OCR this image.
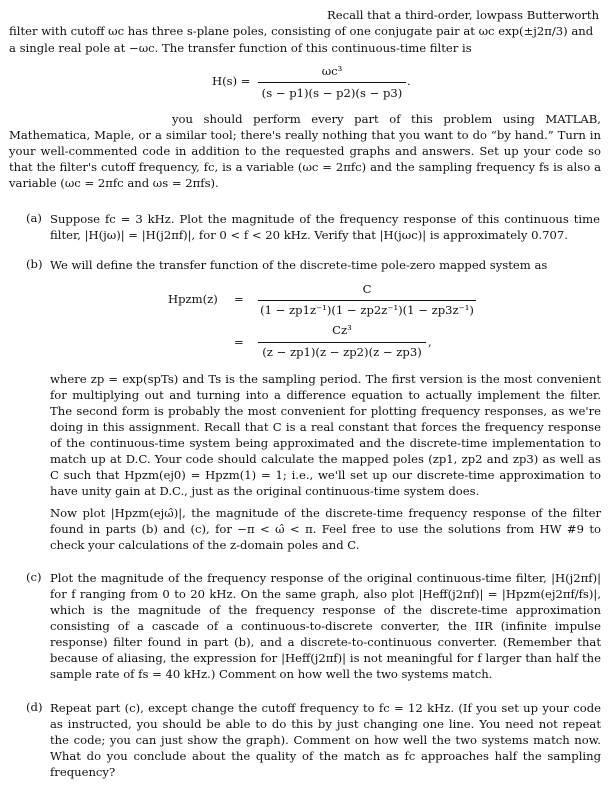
Recall that a third-order, lowpass Butterworth
filter with cutoff ωc has three s-plane poles, consisting of one conjugate pair at ωc exp(±j2π/3) and
a single real pole at −ωc. The transfer function of this continuous-time filter is
H(s) =
ωc³
(s − p1)(s − p2)(s − p3)
.
you should perform every part of this problem using MATLAB, Mathematica, Maple, or a similar tool; there's really nothing that you want to do “by hand.” Turn in your well-commented code in addition to the requested graphs and answers. Set up your code so that the filter's cutoff frequency, fc, is a variable (ωc = 2πfc) and the sampling frequency fs is also a variable (ωc = 2πfc and ωs = 2πfs).
(a) Suppose fc = 3 kHz. Plot the magnitude of the frequency response of this continuous time filter, |H(jω)| = |H(j2πf)|, for 0 < f < 20 kHz. Verify that |H(jωc)| is approximately 0.707.
(b) We will define the transfer function of the discrete-time pole-zero mapped system as
Hpzm(z) =
C
(1 − zp1z⁻¹)(1 − zp2z⁻¹)(1 − zp3z⁻¹)
=
Cz³
(z − zp1)(z − zp2)(z − zp3)
,
where zp = exp(spTs) and Ts is the sampling period. The first version is the most convenient for multiplying out and turning into a difference equation to actually implement the filter. The second form is probably the most convenient for plotting frequency responses, as we're doing in this assignment. Recall that C is a real constant that forces the frequency response of the continuous-time system being approximated and the discrete-time implementation to match up at D.C. Your code should calculate the mapped poles (zp1, zp2 and zp3) as well as C such that Hpzm(ej0) = Hpzm(1) = 1; i.e., we'll set up our discrete-time approximation to have unity gain at D.C., just as the original continuous-time system does.
Now plot |Hpzm(ejω̂)|, the magnitude of the discrete-time frequency response of the filter found in parts (b) and (c), for −π < ω̂ < π. Feel free to use the solutions from HW #9 to check your calculations of the z-domain poles and C.
(c) Plot the magnitude of the frequency response of the original continuous-time filter, |H(j2πf)| for f ranging from 0 to 20 kHz. On the same graph, also plot |Heff(j2πf)| = |Hpzm(ej2πf/fs)|, which is the magnitude of the frequency response of the discrete-time approximation consisting of a cascade of a continuous-to-discrete converter, the IIR (infinite impulse response) filter found in part (b), and a discrete-to-continuous converter. (Remember that because of aliasing, the expression for |Heff(j2πf)| is not meaningful for f larger than half the sample rate of fs = 40 kHz.) Comment on how well the two systems match.
(d) Repeat part (c), except change the cutoff frequency to fc = 12 kHz. (If you set up your code as instructed, you should be able to do this by just changing one line. You need not repeat the code; you can just show the graph). Comment on how well the two systems match now. What do you conclude about the quality of the match as fc approaches half the sampling frequency?
